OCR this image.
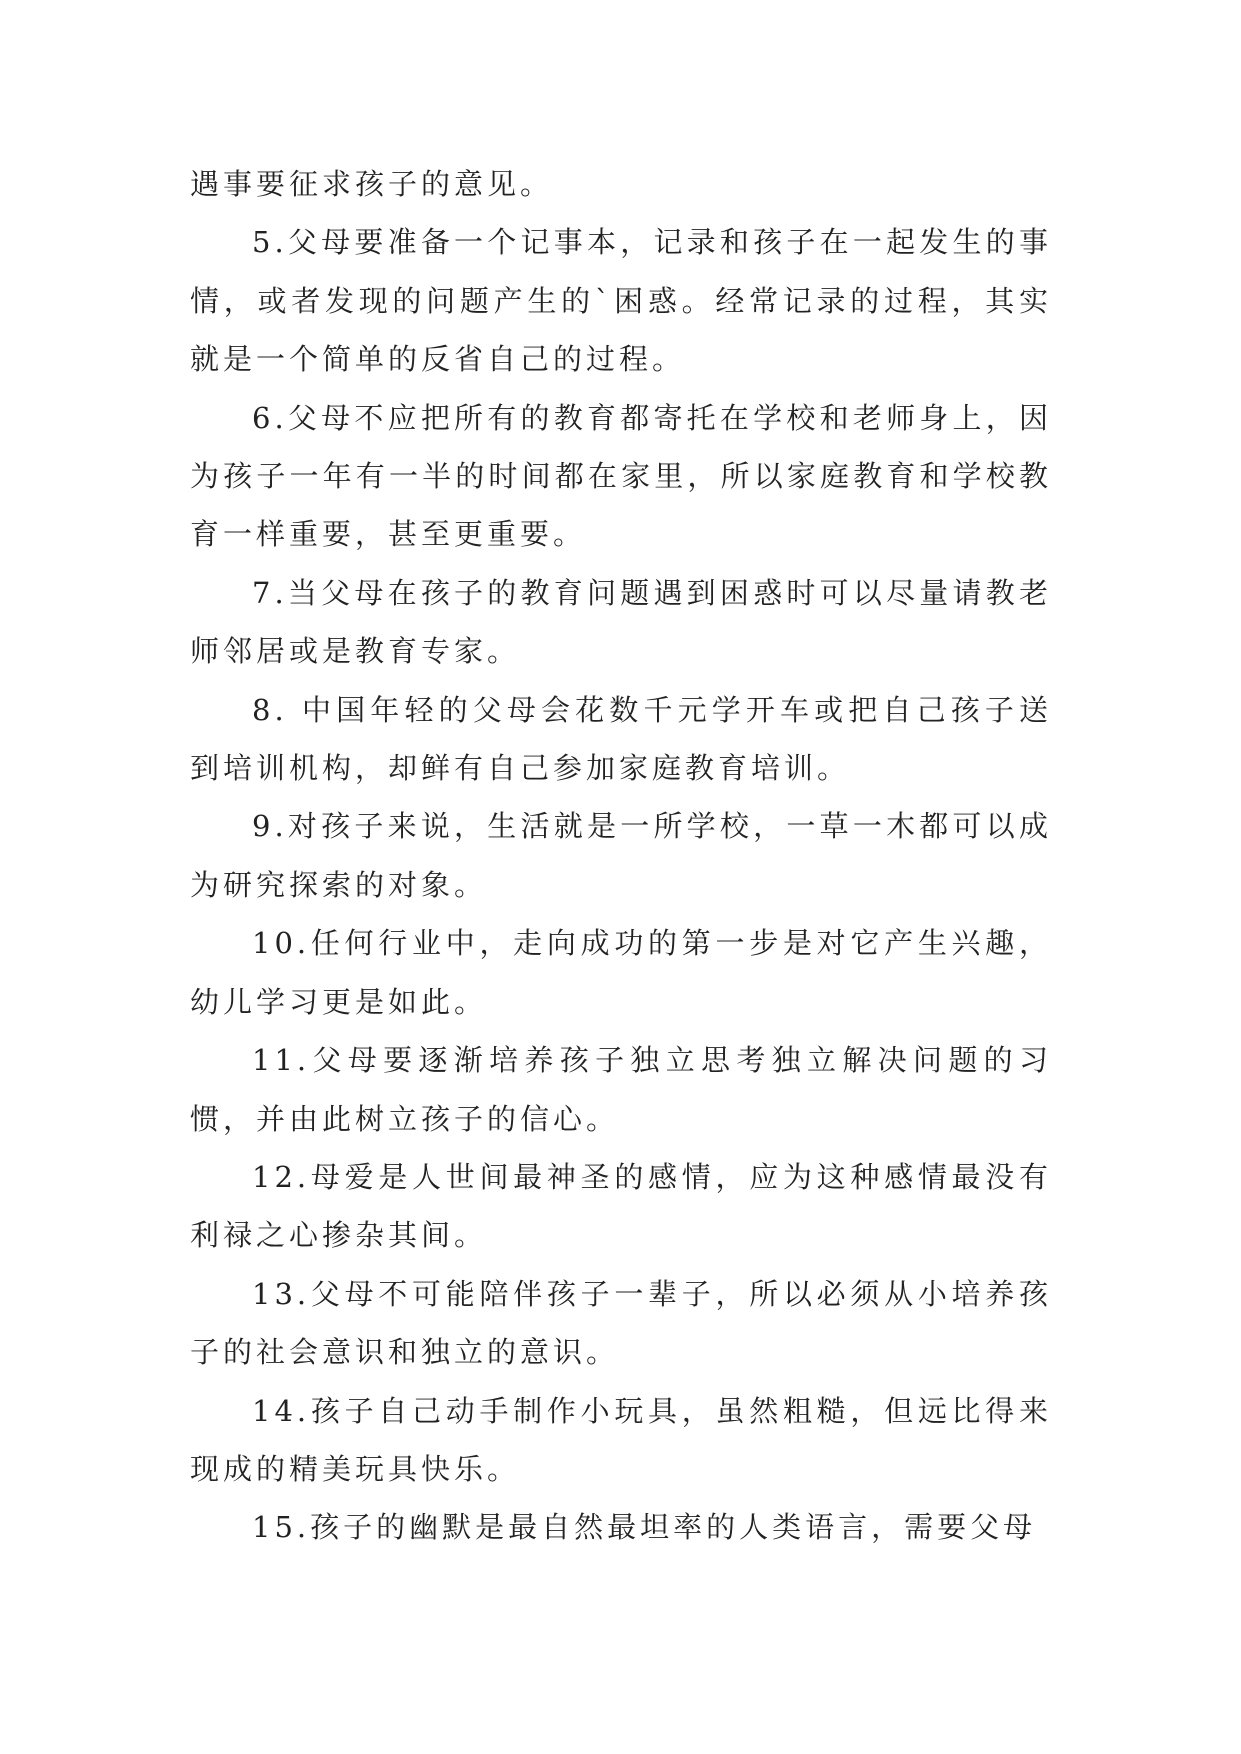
遇事要征求孩子的意见。

5.父母要准备一个记事本，记录和孩子在一起发生的事情，或者发现的问题产生的`困惑。经常记录的过程，其实就是一个简单的反省自己的过程。

6.父母不应把所有的教育都寄托在学校和老师身上，因为孩子一年有一半的时间都在家里，所以家庭教育和学校教育一样重要，甚至更重要。

7.当父母在孩子的教育问题遇到困惑时可以尽量请教老师邻居或是教育专家。

8. 中国年轻的父母会花数千元学开车或把自己孩子送到培训机构，却鲜有自己参加家庭教育培训。

9.对孩子来说，生活就是一所学校，一草一木都可以成为研究探索的对象。

10.任何行业中，走向成功的第一步是对它产生兴趣，幼儿学习更是如此。

11.父母要逐渐培养孩子独立思考独立解决问题的习惯，并由此树立孩子的信心。

12.母爱是人世间最神圣的感情，应为这种感情最没有利禄之心掺杂其间。

13.父母不可能陪伴孩子一辈子，所以必须从小培养孩子的社会意识和独立的意识。

14.孩子自己动手制作小玩具，虽然粗糙，但远比得来现成的精美玩具快乐。

15.孩子的幽默是最自然最坦率的人类语言，需要父母
